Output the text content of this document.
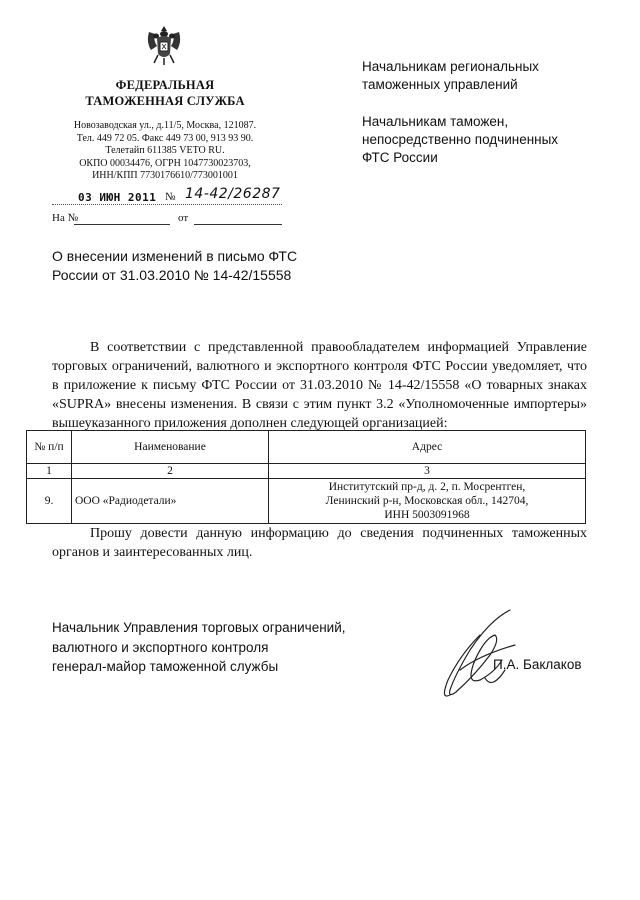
ФЕДЕРАЛЬНАЯ
ТАМОЖЕННАЯ СЛУЖБА
Новозаводская ул., д.11/5, Москва, 121087.
Тел. 449 72 05. Факс 449 73 00, 913 93 90.
Телетайп 611385 VETO RU.
ОКПО 00034476, ОГРН 1047730023703,
ИНН/КПП 7730176610/773001001
03 ИЮН 2011 № 14-42/26287
На №	от
О внесении изменений в письмо ФТС
России от 31.03.2010 № 14-42/15558
Начальникам региональных
таможенных управлений
Начальникам таможен,
непосредственно подчиненных
ФТС России
В соответствии с представленной правообладателем информацией Управление торговых ограничений, валютного и экспортного контроля ФТС России уведомляет, что в приложение к письму ФТС России от 31.03.2010 № 14-42/15558 «О товарных знаках «SUPRA» внесены изменения. В связи с этим пункт 3.2 «Уполномоченные импортеры» вышеуказанного приложения дополнен следующей организацией:
№ п/п	Наименование	Адрес
1	2	3
9.	ООО «Радиодетали»	Институтский пр-д, д. 2, п. Мосрентген,
Ленинский р-н, Московская обл., 142704,
ИНН 5003091968
Прошу довести данную информацию до сведения подчиненных таможенных органов и заинтересованных лиц.
Начальник Управления торговых ограничений,
валютного и экспортного контроля
генерал-майор таможенной службы	П.А. Баклаков
